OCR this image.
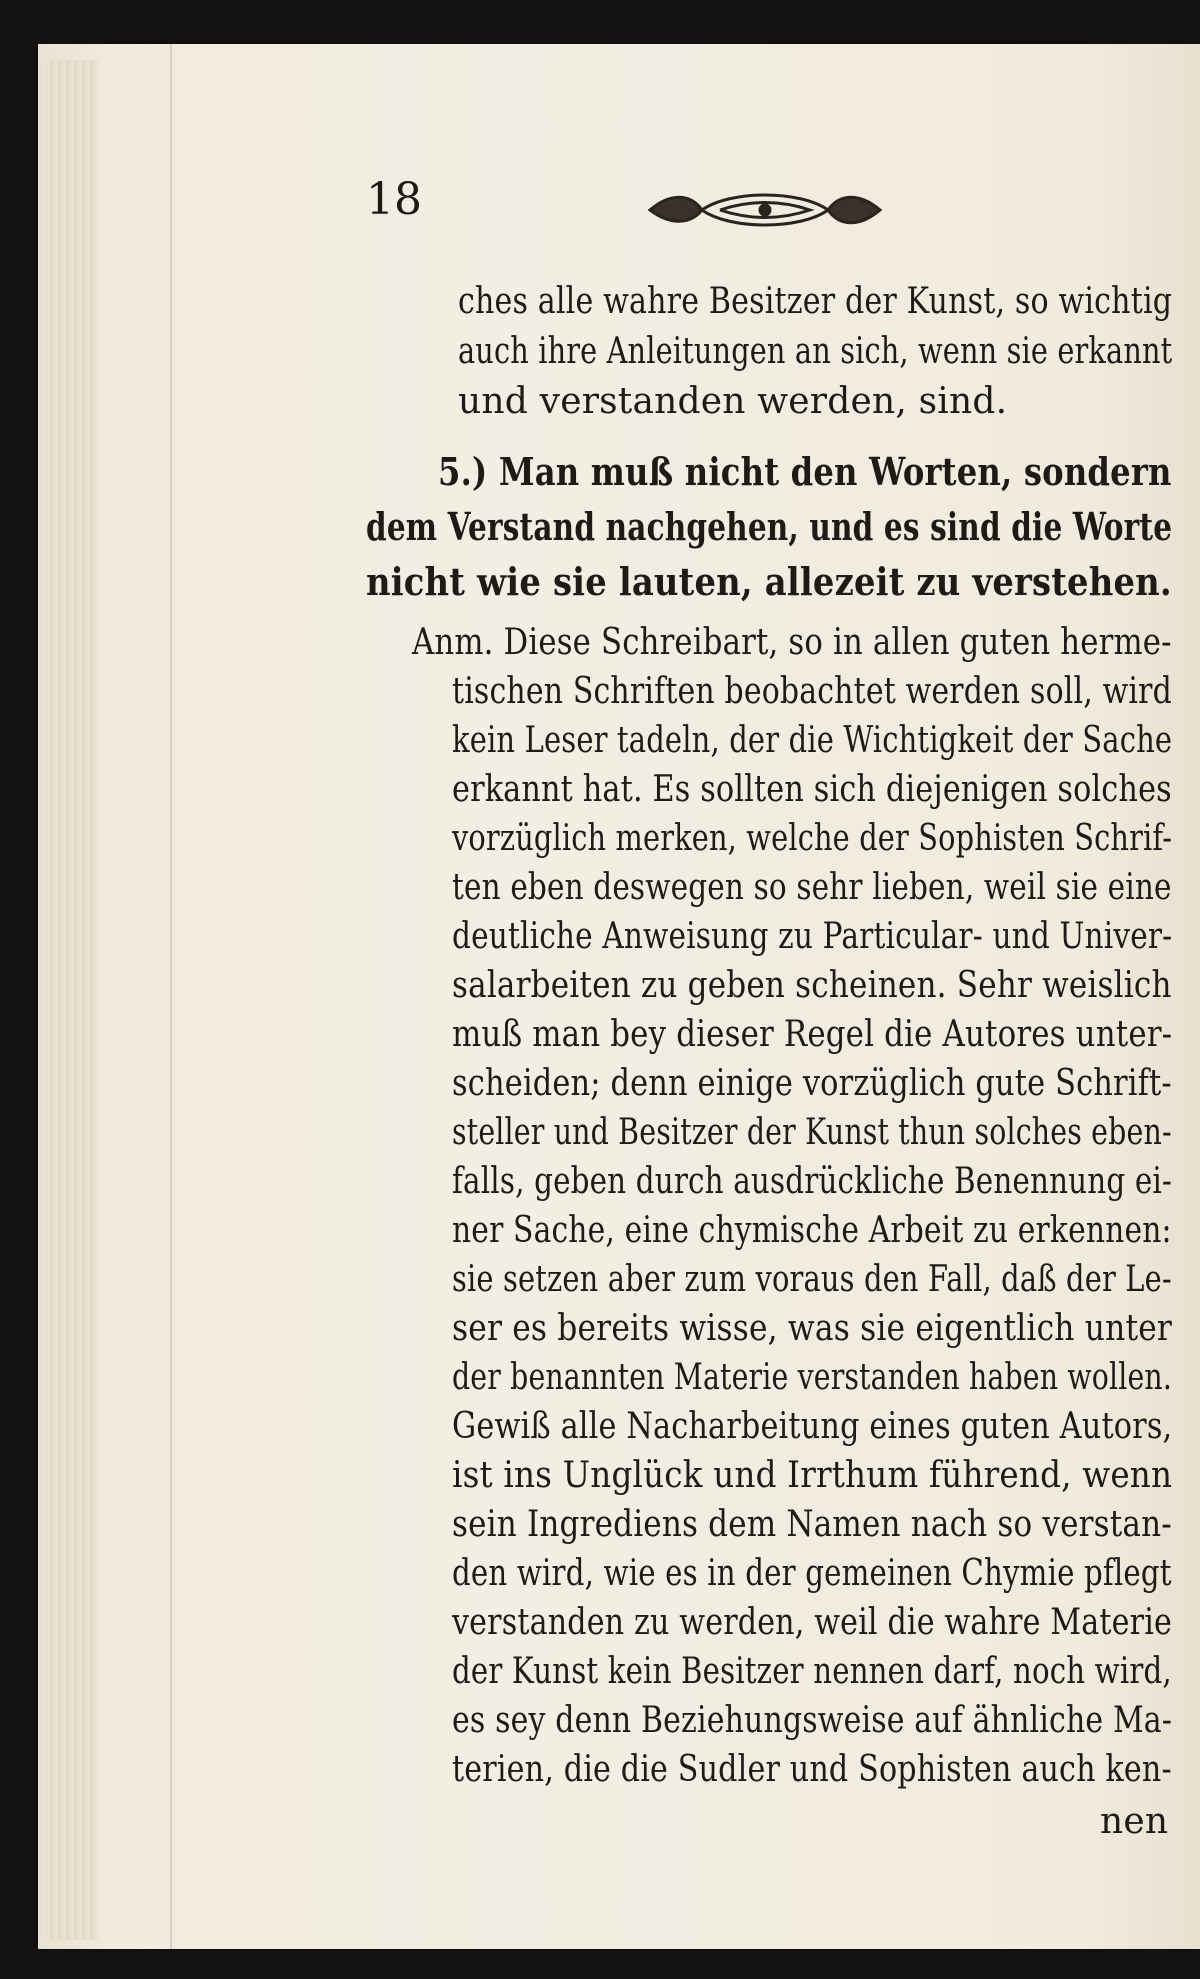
18
ches alle wahre Besitzer der Kunst, so wichtig
auch ihre Anleitungen an sich, wenn sie erkannt
und verstanden werden, sind.
5.) Man muß nicht den Worten, sondern
dem Verstand nachgehen, und es sind die Worte
nicht wie sie lauten, allezeit zu verstehen.
Anm. Diese Schreibart, so in allen guten herme-
tischen Schriften beobachtet werden soll, wird
kein Leser tadeln, der die Wichtigkeit der Sache
erkannt hat. Es sollten sich diejenigen solches
vorzüglich merken, welche der Sophisten Schrif-
ten eben deswegen so sehr lieben, weil sie eine
deutliche Anweisung zu Particular- und Univer-
salarbeiten zu geben scheinen. Sehr weislich
muß man bey dieser Regel die Autores unter-
scheiden; denn einige vorzüglich gute Schrift-
steller und Besitzer der Kunst thun solches eben-
falls, geben durch ausdrückliche Benennung ei-
ner Sache, eine chymische Arbeit zu erkennen:
sie setzen aber zum voraus den Fall, daß der Le-
ser es bereits wisse, was sie eigentlich unter
der benannten Materie verstanden haben wollen.
Gewiß alle Nacharbeitung eines guten Autors,
ist ins Unglück und Irrthum führend, wenn
sein Ingrediens dem Namen nach so verstan-
den wird, wie es in der gemeinen Chymie pflegt
verstanden zu werden, weil die wahre Materie
der Kunst kein Besitzer nennen darf, noch wird,
es sey denn Beziehungsweise auf ähnliche Ma-
terien, die die Sudler und Sophisten auch ken-
nen
